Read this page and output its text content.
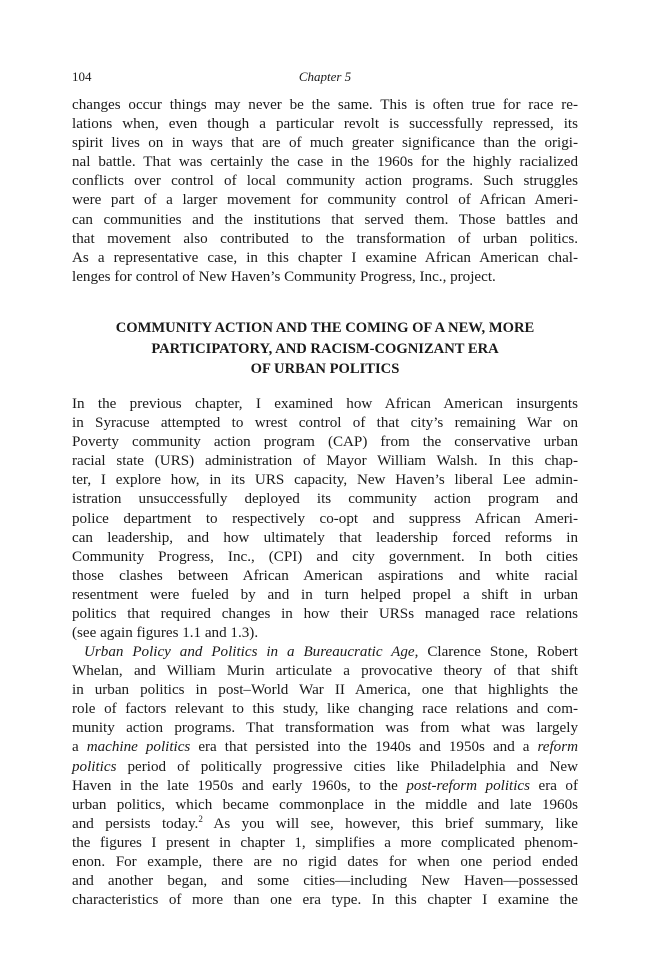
104	Chapter 5
changes occur things may never be the same. This is often true for race re-
lations when, even though a particular revolt is successfully repressed, its
spirit lives on in ways that are of much greater significance than the origi-
nal battle. That was certainly the case in the 1960s for the highly racialized
conflicts over control of local community action programs. Such struggles
were part of a larger movement for community control of African Ameri-
can communities and the institutions that served them. Those battles and
that movement also contributed to the transformation of urban politics.
As a representative case, in this chapter I examine African American chal-
lenges for control of New Haven’s Community Progress, Inc., project.
COMMUNITY ACTION AND THE COMING OF A NEW, MORE
PARTICIPATORY, AND RACISM-COGNIZANT ERA
OF URBAN POLITICS
In the previous chapter, I examined how African American insurgents
in Syracuse attempted to wrest control of that city’s remaining War on
Poverty community action program (CAP) from the conservative urban
racial state (URS) administration of Mayor William Walsh. In this chap-
ter, I explore how, in its URS capacity, New Haven’s liberal Lee admin-
istration unsuccessfully deployed its community action program and
police department to respectively co-opt and suppress African Ameri-
can leadership, and how ultimately that leadership forced reforms in
Community Progress, Inc., (CPI) and city government. In both cities
those clashes between African American aspirations and white racial
resentment were fueled by and in turn helped propel a shift in urban
politics that required changes in how their URSs managed race relations
(see again figures 1.1 and 1.3).
Urban Policy and Politics in a Bureaucratic Age, Clarence Stone, Robert
Whelan, and William Murin articulate a provocative theory of that shift
in urban politics in post–World War II America, one that highlights the
role of factors relevant to this study, like changing race relations and com-
munity action programs. That transformation was from what was largely
a machine politics era that persisted into the 1940s and 1950s and a reform
politics period of politically progressive cities like Philadelphia and New
Haven in the late 1950s and early 1960s, to the post-reform politics era of
urban politics, which became commonplace in the middle and late 1960s
and persists today.$^2$ As you will see, however, this brief summary, like
the figures I present in chapter 1, simplifies a more complicated phenom-
enon. For example, there are no rigid dates for when one period ended
and another began, and some cities—including New Haven—possessed
characteristics of more than one era type. In this chapter I examine the
